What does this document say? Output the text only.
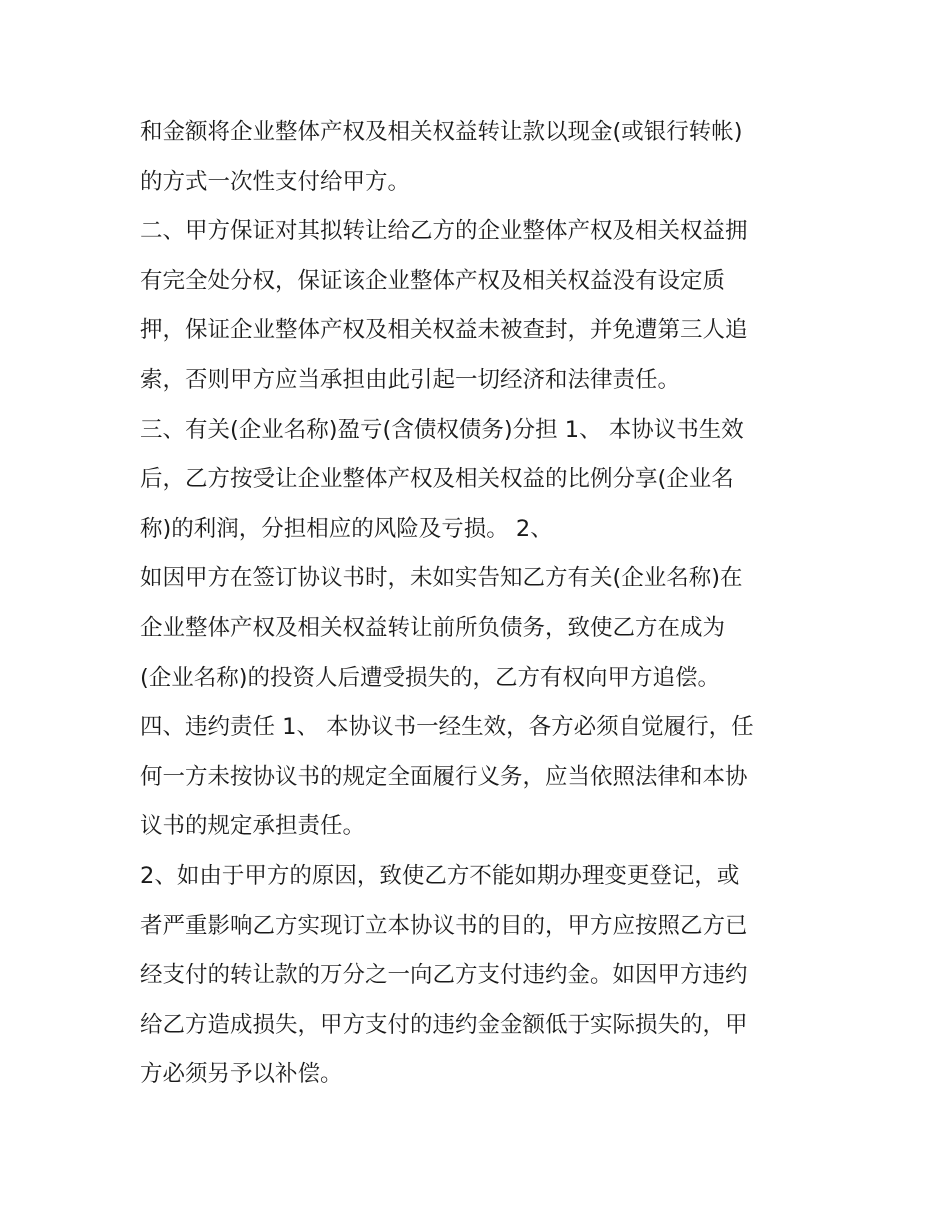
和金额将企业整体产权及相关权益转让款以现金(或银行转帐)
的方式一次性支付给甲方。
二、甲方保证对其拟转让给乙方的企业整体产权及相关权益拥
有完全处分权，保证该企业整体产权及相关权益没有设定质
押，保证企业整体产权及相关权益未被查封，并免遭第三人追
索，否则甲方应当承担由此引起一切经济和法律责任。
三、有关(企业名称)盈亏(含债权债务)分担 1、 本协议书生效
后，乙方按受让企业整体产权及相关权益的比例分享(企业名
称)的利润，分担相应的风险及亏损。 2、
如因甲方在签订协议书时，未如实告知乙方有关(企业名称)在
企业整体产权及相关权益转让前所负债务，致使乙方在成为
(企业名称)的投资人后遭受损失的，乙方有权向甲方追偿。
四、违约责任 1、 本协议书一经生效，各方必须自觉履行，任
何一方未按协议书的规定全面履行义务，应当依照法律和本协
议书的规定承担责任。
2、如由于甲方的原因，致使乙方不能如期办理变更登记，或
者严重影响乙方实现订立本协议书的目的，甲方应按照乙方已
经支付的转让款的万分之一向乙方支付违约金。如因甲方违约
给乙方造成损失，甲方支付的违约金金额低于实际损失的，甲
方必须另予以补偿。
